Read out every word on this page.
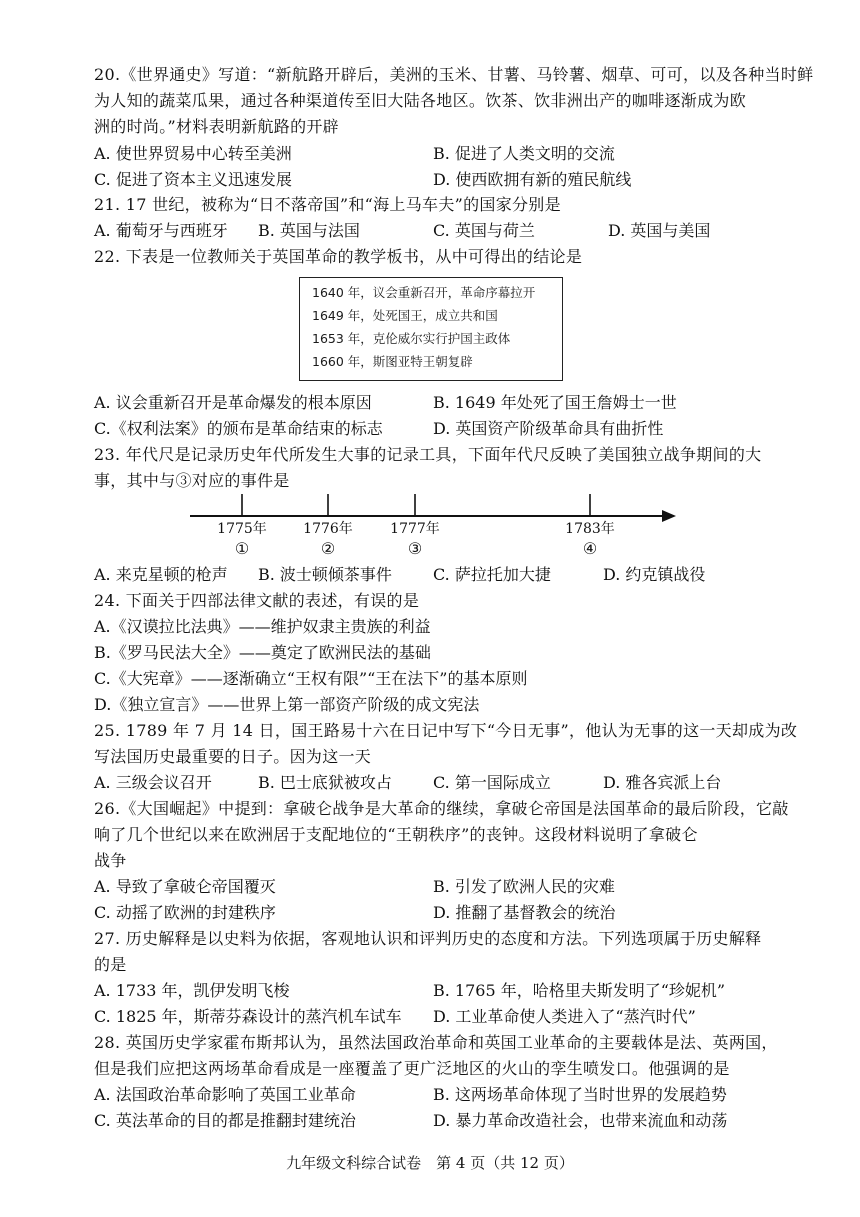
20.《世界通史》写道：“新航路开辟后，美洲的玉米、甘薯、马铃薯、烟草、可可，以及各种当时鲜
为人知的蔬菜瓜果，通过各种渠道传至旧大陆各地区。饮茶、饮非洲出产的咖啡逐渐成为欧
洲的时尚。”材料表明新航路的开辟
A. 使世界贸易中心转至美洲	B. 促进了人类文明的交流
C. 促进了资本主义迅速发展	D. 使西欧拥有新的殖民航线
21. 17 世纪，被称为“日不落帝国”和“海上马车夫”的国家分别是
A. 葡萄牙与西班牙 B. 英国与法国	C. 英国与荷兰	D. 英国与美国
22. 下表是一位教师关于英国革命的教学板书，从中可得出的结论是
1640 年，议会重新召开，革命序幕拉开
1649 年，处死国王，成立共和国
1653 年，克伦威尔实行护国主政体
1660 年，斯图亚特王朝复辟
A. 议会重新召开是革命爆发的根本原因	B. 1649 年处死了国王詹姆士一世
C.《权利法案》的颁布是革命结束的标志	D. 英国资产阶级革命具有曲折性
23. 年代尺是记录历史年代所发生大事的记录工具，下面年代尺反映了美国独立战争期间的大
事，其中与③对应的事件是
1775年	1776年	1777年	1783年
①	②	③	④
A. 来克星顿的枪声 B. 波士顿倾茶事件	C. 萨拉托加大捷	D. 约克镇战役
24. 下面关于四部法律文献的表述，有误的是
A.《汉谟拉比法典》——维护奴隶主贵族的利益
B.《罗马民法大全》——奠定了欧洲民法的基础
C.《大宪章》——逐渐确立“王权有限”“王在法下”的基本原则
D.《独立宣言》——世界上第一部资产阶级的成文宪法
25. 1789 年 7 月 14 日，国王路易十六在日记中写下“今日无事”，他认为无事的这一天却成为改
写法国历史最重要的日子。因为这一天
A. 三级会议召开	B. 巴士底狱被攻占	C. 第一国际成立	D. 雅各宾派上台
26.《大国崛起》中提到：拿破仑战争是大革命的继续，拿破仑帝国是法国革命的最后阶段，它敲
响了几个世纪以来在欧洲居于支配地位的“王朝秩序”的丧钟。这段材料说明了拿破仑
战争
A. 导致了拿破仑帝国覆灭	B. 引发了欧洲人民的灾难
C. 动摇了欧洲的封建秩序	D. 推翻了基督教会的统治
27. 历史解释是以史料为依据，客观地认识和评判历史的态度和方法。下列选项属于历史解释
的是
A. 1733 年，凯伊发明飞梭	B. 1765 年，哈格里夫斯发明了“珍妮机”
C. 1825 年，斯蒂芬森设计的蒸汽机车试车 D. 工业革命使人类进入了“蒸汽时代”
28. 英国历史学家霍布斯邦认为，虽然法国政治革命和英国工业革命的主要载体是法、英两国，
但是我们应把这两场革命看成是一座覆盖了更广泛地区的火山的孪生喷发口。他强调的是
A. 法国政治革命影响了英国工业革命	B. 这两场革命体现了当时世界的发展趋势
C. 英法革命的目的都是推翻封建统治	D. 暴力革命改造社会，也带来流血和动荡
九年级文科综合试卷　第 4 页（共 12 页）
